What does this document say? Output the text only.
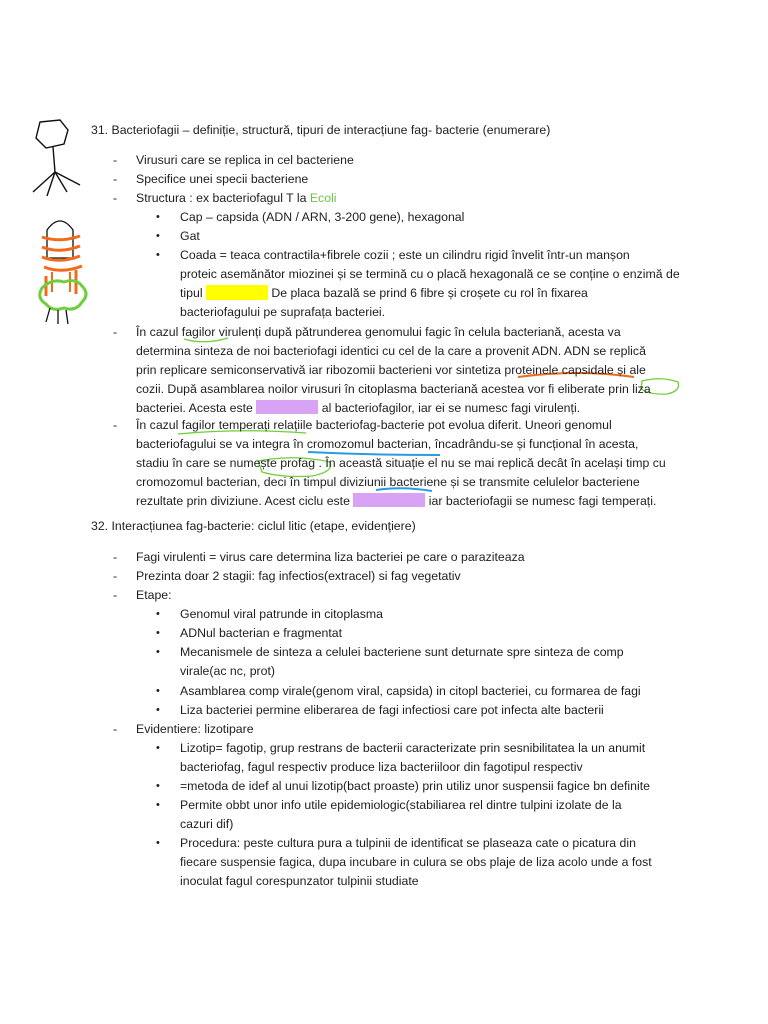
31. Bacteriofagii – definiție, structură, tipuri de interacțiune fag- bacterie (enumerare)
- Virusuri care se replica in cel bacteriene
- Specifice unei specii bacteriene
- Structura : ex bacteriofagul T la Ecoli
• Cap – capsida (ADN / ARN, 3-200 gene), hexagonal
• Gat
• Coada = teaca contractila+fibrele cozii ; este un cilindru rigid învelit într-un manșon
proteic asemănător miozinei și se termină cu o placă hexagonală ce se conține o enzimă de
tipul	De placa bazală se prind 6 fibre și croșete cu rol în fixarea
bacteriofagului pe suprafața bacteriei.
- În cazul fagilor virulenți după pătrunderea genomului fagic în celula bacteriană, acesta va
determina sinteza de noi bacteriofagi identici cu cel de la care a provenit ADN. ADN se replică
prin replicare semiconservativă iar ribozomii bacterieni vor sintetiza proteinele capsidale și ale
cozii. După asamblarea noilor virusuri în citoplasma bacteriană acestea vor fi eliberate prin liza
bacteriei. Acesta este	al bacteriofagilor, iar ei se numesc fagi virulenți.
- În cazul fagilor temperați relațiile bacteriofag-bacterie pot evolua diferit. Uneori genomul
bacteriofagului se va integra în cromozomul bacterian, încadrându-se și funcțional în acesta,
stadiu în care se numește profag . În această situație el nu se mai replică decât în același timp cu
cromozomul bacterian, deci în timpul diviziunii bacteriene și se transmite celulelor bacteriene
rezultate prin diviziune. Acest ciclu este	iar bacteriofagii se numesc fagi temperați.
32. Interacțiunea fag-bacterie: ciclul litic (etape, evidențiere)
- Fagi virulenti = virus care determina liza bacteriei pe care o paraziteaza
- Prezinta doar 2 stagii: fag infectios(extracel) si fag vegetativ
- Etape:
• Genomul viral patrunde in citoplasma
• ADNul bacterian e fragmentat
• Mecanismele de sinteza a celulei bacteriene sunt deturnate spre sinteza de comp
virale(ac nc, prot)
• Asamblarea comp virale(genom viral, capsida) in citopl bacteriei, cu formarea de fagi
• Liza bacteriei permine eliberarea de fagi infectiosi care pot infecta alte bacterii
- Evidentiere: lizotipare
• Lizotip= fagotip, grup restrans de bacterii caracterizate prin sesnibilitatea la un anumit
bacteriofag, fagul respectiv produce liza bacteriiloor din fagotipul respectiv
• =metoda de idef al unui lizotip(bact proaste) prin utiliz unor suspensii fagice bn definite
• Permite obbt unor info utile epidemiologic(stabiliarea rel dintre tulpini izolate de la
cazuri dif)
• Procedura: peste cultura pura a tulpinii de identificat se plaseaza cate o picatura din
fiecare suspensie fagica, dupa incubare in culura se obs plaje de liza acolo unde a fost
inoculat fagul corespunzator tulpinii studiate
